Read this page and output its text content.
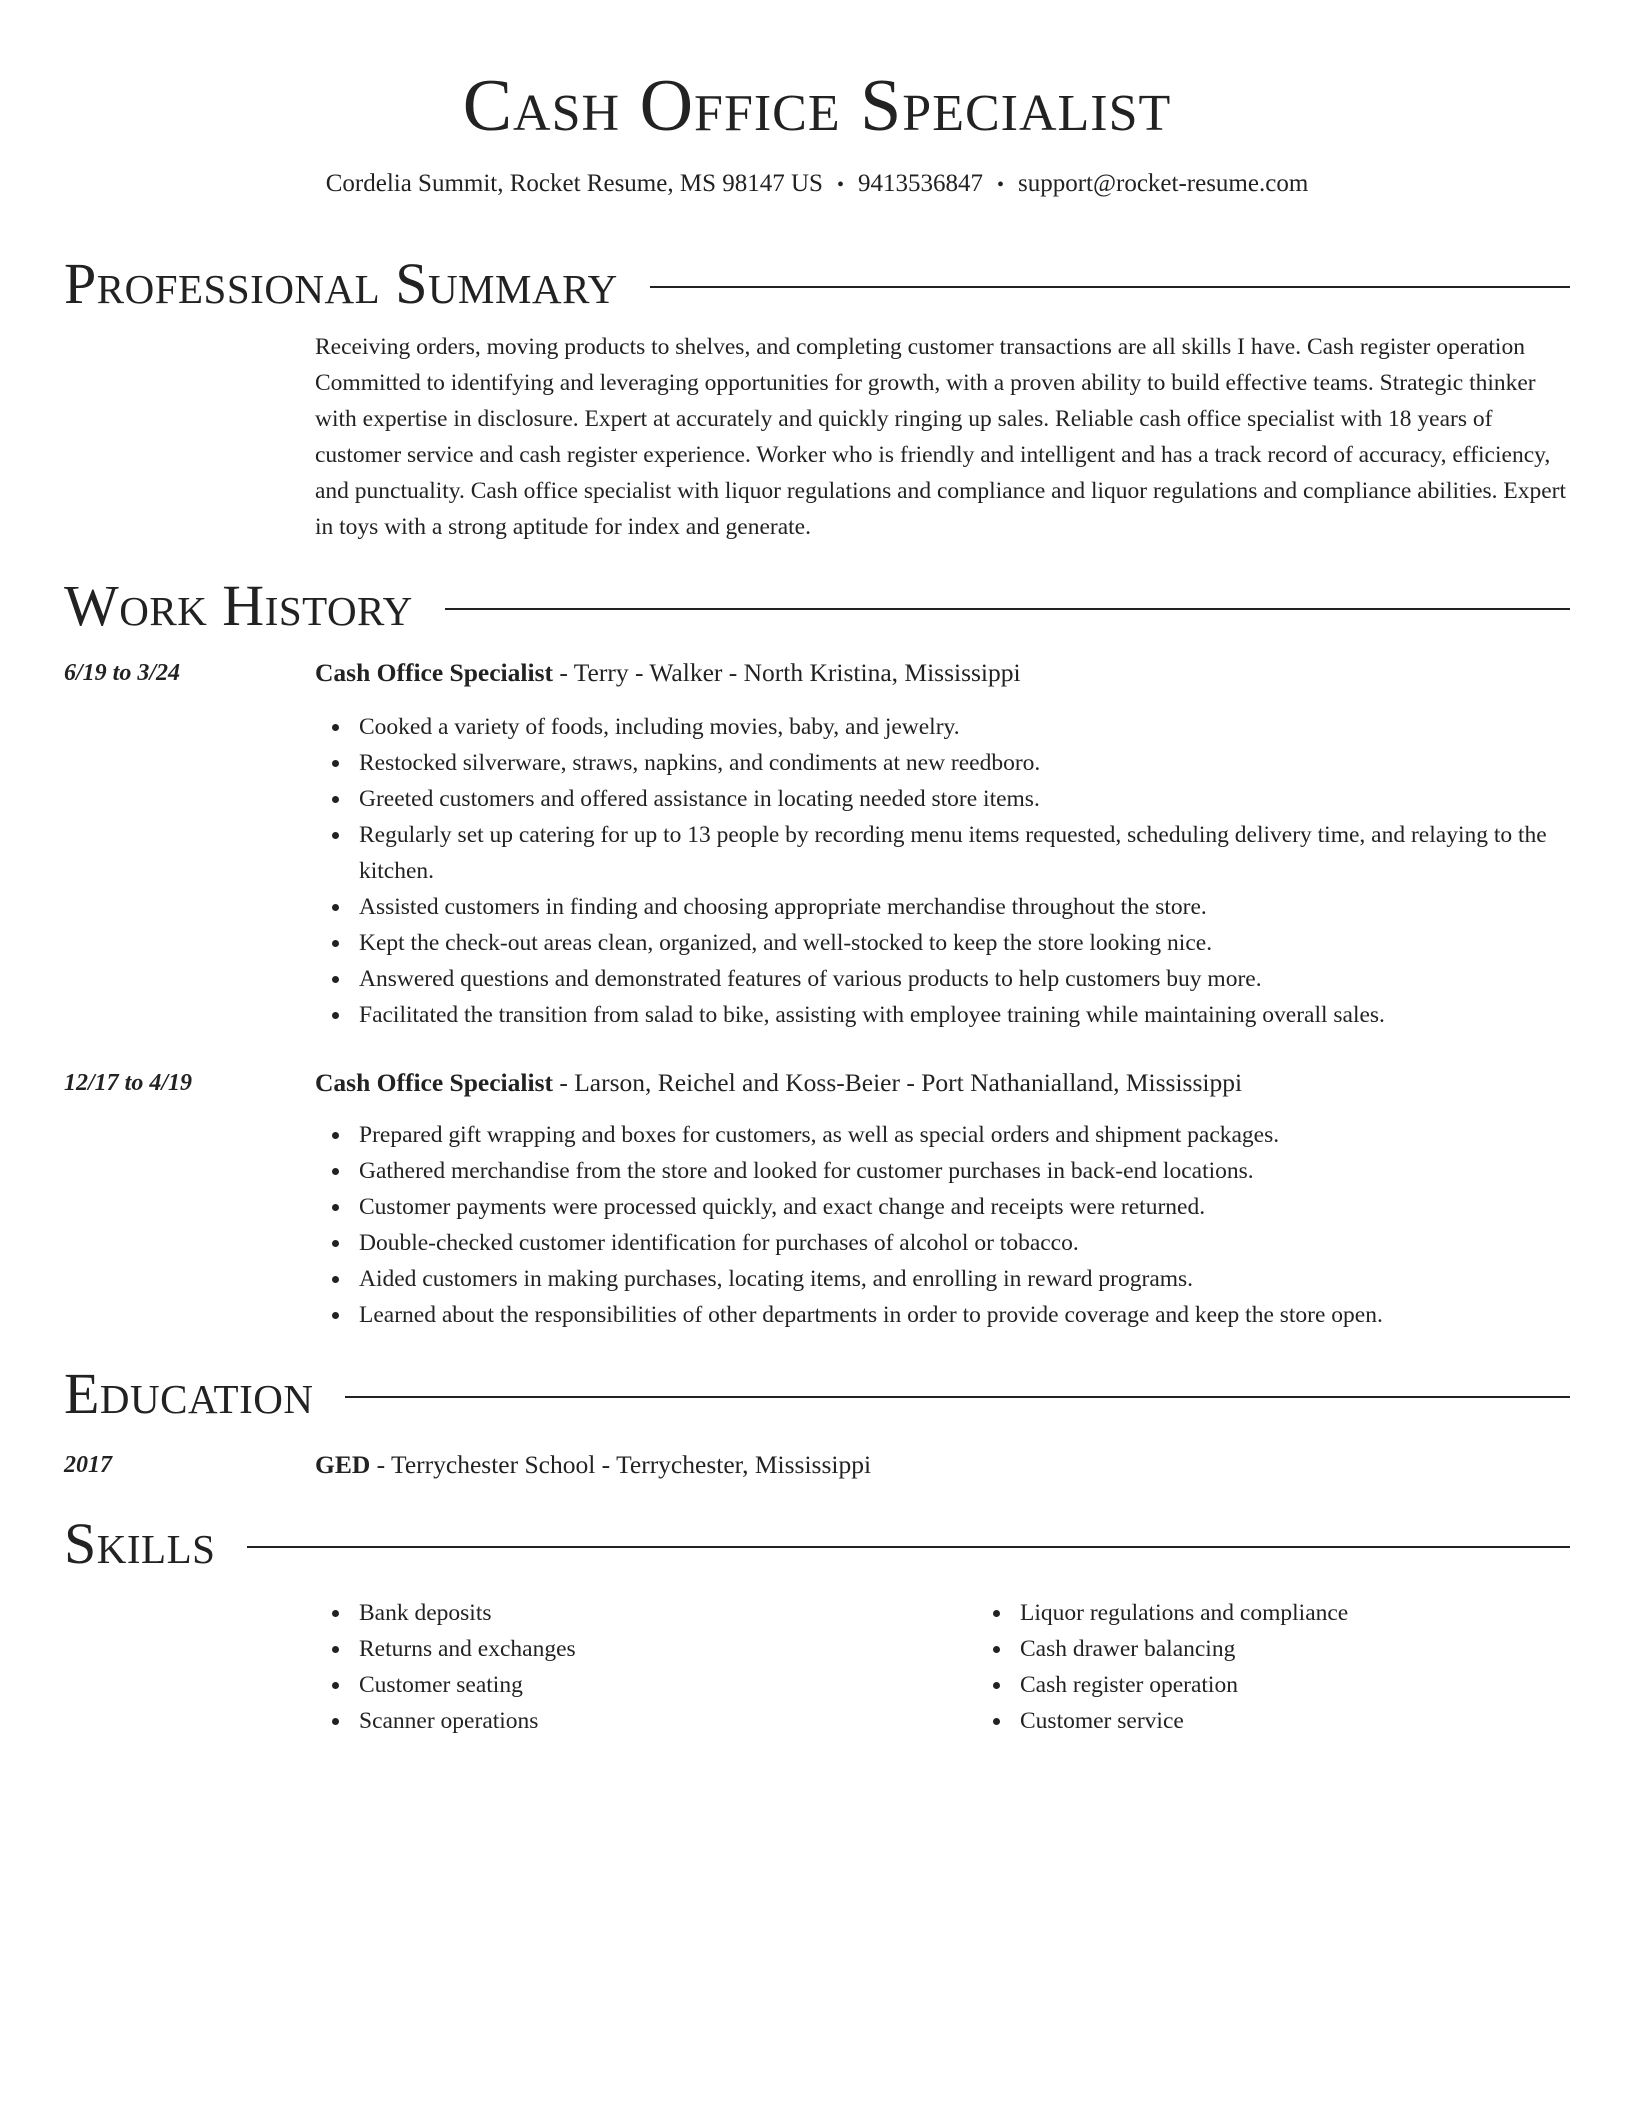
Cash Office Specialist
Cordelia Summit, Rocket Resume, MS 98147 US • 9413536847 • support@rocket-resume.com
Professional Summary
Receiving orders, moving products to shelves, and completing customer transactions are all skills I have. Cash register operation Committed to identifying and leveraging opportunities for growth, with a proven ability to build effective teams. Strategic thinker with expertise in disclosure. Expert at accurately and quickly ringing up sales. Reliable cash office specialist with 18 years of customer service and cash register experience. Worker who is friendly and intelligent and has a track record of accuracy, efficiency, and punctuality. Cash office specialist with liquor regulations and compliance and liquor regulations and compliance abilities. Expert in toys with a strong aptitude for index and generate.
Work History
6/19 to 3/24	Cash Office Specialist - Terry - Walker - North Kristina, Mississippi
Cooked a variety of foods, including movies, baby, and jewelry.
Restocked silverware, straws, napkins, and condiments at new reedboro.
Greeted customers and offered assistance in locating needed store items.
Regularly set up catering for up to 13 people by recording menu items requested, scheduling delivery time, and relaying to the kitchen.
Assisted customers in finding and choosing appropriate merchandise throughout the store.
Kept the check-out areas clean, organized, and well-stocked to keep the store looking nice.
Answered questions and demonstrated features of various products to help customers buy more.
Facilitated the transition from salad to bike, assisting with employee training while maintaining overall sales.
12/17 to 4/19	Cash Office Specialist - Larson, Reichel and Koss-Beier - Port Nathanialland, Mississippi
Prepared gift wrapping and boxes for customers, as well as special orders and shipment packages.
Gathered merchandise from the store and looked for customer purchases in back-end locations.
Customer payments were processed quickly, and exact change and receipts were returned.
Double-checked customer identification for purchases of alcohol or tobacco.
Aided customers in making purchases, locating items, and enrolling in reward programs.
Learned about the responsibilities of other departments in order to provide coverage and keep the store open.
Education
2017	GED - Terrychester School - Terrychester, Mississippi
Skills
Bank deposits
Returns and exchanges
Customer seating
Scanner operations
Liquor regulations and compliance
Cash drawer balancing
Cash register operation
Customer service
